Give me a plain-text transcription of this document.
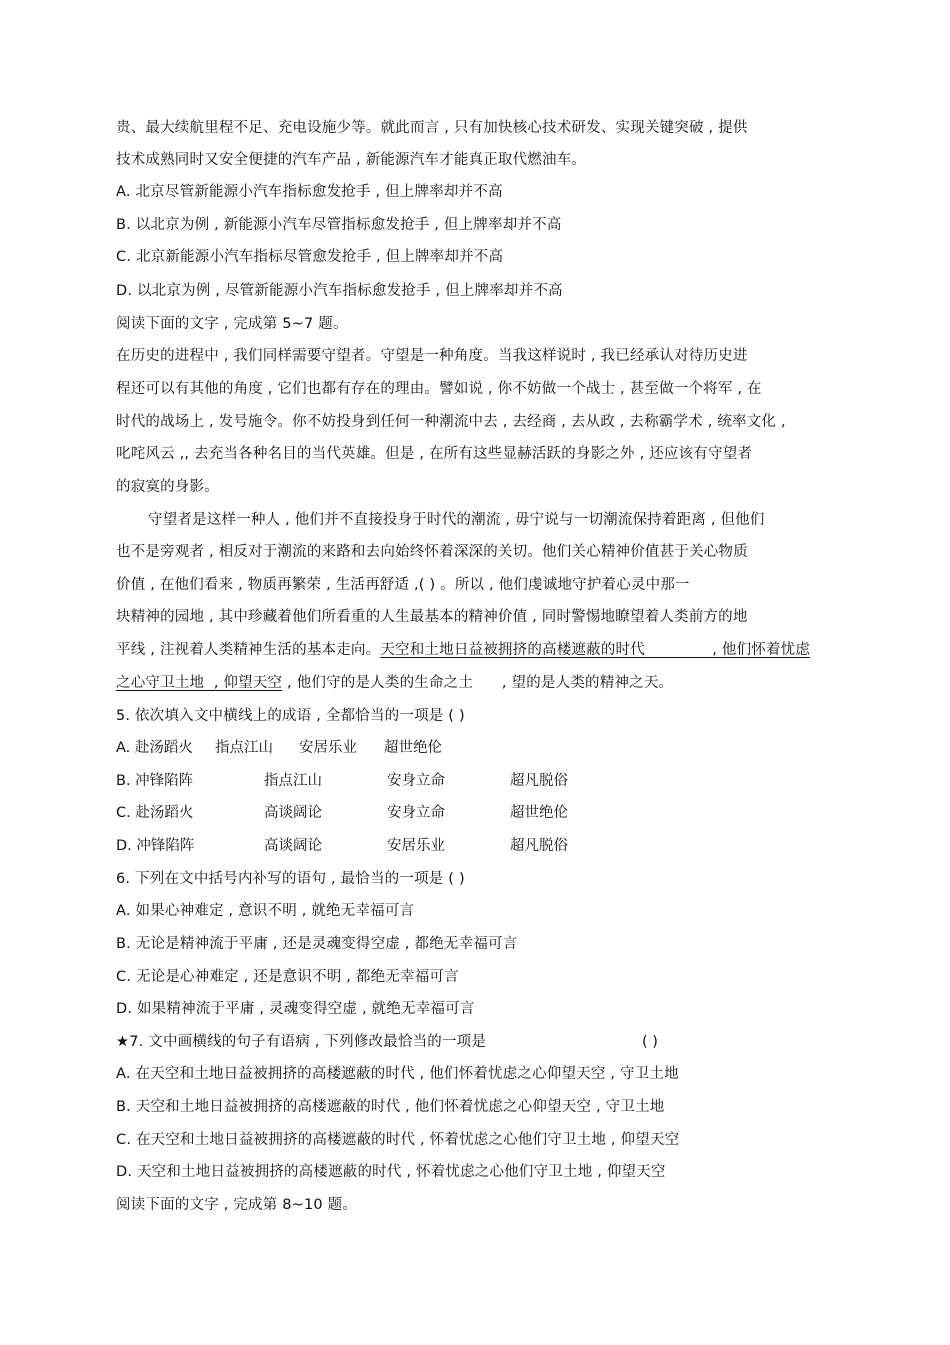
贵、最大续航里程不足、充电设施少等。就此而言 , 只有加快核心技术研发、实现关键突破 , 提供
技术成熟同时又安全便捷的汽车产品 , 新能源汽车才能真正取代燃油车。
A. 北京尽管新能源小汽车指标愈发抢手 , 但上牌率却并不高
B. 以北京为例 , 新能源小汽车尽管指标愈发抢手 , 但上牌率却并不高
C. 北京新能源小汽车指标尽管愈发抢手 , 但上牌率却并不高
D. 以北京为例 , 尽管新能源小汽车指标愈发抢手 , 但上牌率却并不高
阅读下面的文字 , 完成第 5~7 题。
在历史的进程中 , 我们同样需要守望者。守望是一种角度。当我这样说时 , 我已经承认对待历史进
程还可以有其他的角度 , 它们也都有存在的理由。譬如说 , 你不妨做一个战士 , 甚至做一个将军 , 在
时代的战场上 , 发号施令。你不妨投身到任何一种潮流中去 , 去经商 , 去从政 , 去称霸学术 , 统率文化 ,
叱咤风云 ,, 去充当各种名目的当代英雄。但是 , 在所有这些显赫活跃的身影之外 , 还应该有守望者
的寂寞的身影。
守望者是这样一种人 , 他们并不直接投身于时代的潮流 , 毋宁说与一切潮流保持着距离 , 但他们
也不是旁观者 , 相反对于潮流的来路和去向始终怀着深深的关切。他们关心精神价值甚于关心物质
价值 , 在他们看来 , 物质再繁荣 , 生活再舒适 ,( ) 。所以 , 他们虔诚地守护着心灵中那一
块精神的园地 , 其中珍藏着他们所看重的人生最基本的精神价值 , 同时警惕地瞭望着人类前方的地
平线 , 注视着人类精神生活的基本走向。天空和土地日益被拥挤的高楼遮蔽的时代              , 他们怀着忧虑
之心守卫土地  , 仰望天空 , 他们守的是人类的生命之土      , 望的是人类的精神之天。
5. 依次填入文中横线上的成语 , 全都恰当的一项是 ( )
A. 赴汤蹈火 指点江山 安居乐业 超世绝伦
B. 冲锋陷阵	指点江山	安身立命	超凡脱俗
C. 赴汤蹈火	高谈阔论	安身立命	超世绝伦
D. 冲锋陷阵	高谈阔论	安居乐业	超凡脱俗
6. 下列在文中括号内补写的语句 , 最恰当的一项是 ( )
A. 如果心神难定 , 意识不明 , 就绝无幸福可言
B. 无论是精神流于平庸 , 还是灵魂变得空虚 , 都绝无幸福可言
C. 无论是心神难定 , 还是意识不明 , 都绝无幸福可言
D. 如果精神流于平庸 , 灵魂变得空虚 , 就绝无幸福可言
★7. 文中画横线的句子有语病 , 下列修改最恰当的一项是	( )
A. 在天空和土地日益被拥挤的高楼遮蔽的时代 , 他们怀着忧虑之心仰望天空 , 守卫土地
B. 天空和土地日益被拥挤的高楼遮蔽的时代 , 他们怀着忧虑之心仰望天空 , 守卫土地
C. 在天空和土地日益被拥挤的高楼遮蔽的时代 , 怀着忧虑之心他们守卫土地 , 仰望天空
D. 天空和土地日益被拥挤的高楼遮蔽的时代 , 怀着忧虑之心他们守卫土地 , 仰望天空
阅读下面的文字 , 完成第 8~10 题。
